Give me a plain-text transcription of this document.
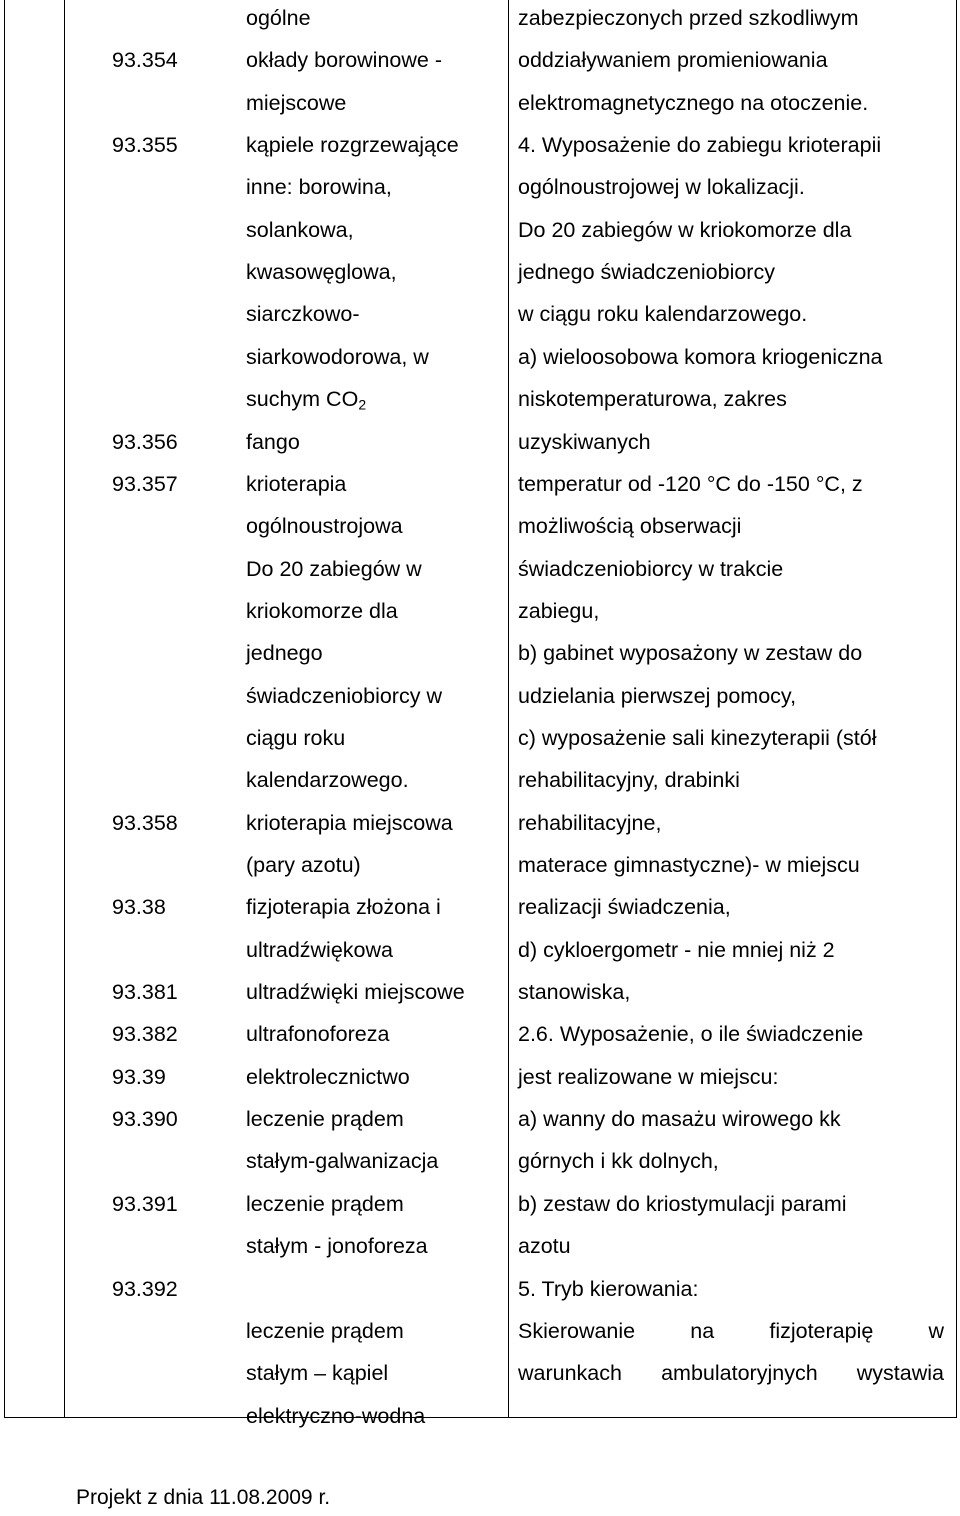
93.354
93.355
93.356
93.357
93.358
93.38
93.381
93.382
93.39
93.390
93.391
93.392
ogólne
okłady borowinowe -
miejscowe
kąpiele rozgrzewające
inne: borowina,
solankowa,
kwasowęglowa,
siarczkowo-
siarkowodorowa, w
suchym $CO_2$
fango
krioterapia
ogólnoustrojowa
Do 20 zabiegów w
kriokomorze dla
jednego
świadczeniobiorcy w
ciągu roku
kalendarzowego.
krioterapia miejscowa
(pary azotu)
fizjoterapia złożona i
ultradźwiękowa
ultradźwięki miejscowe
ultrafonoforeza
elektrolecznictwo
leczenie prądem
stałym-galwanizacja
leczenie prądem
stałym - jonoforeza
leczenie prądem
stałym – kąpiel
elektryczno-wodna
zabezpieczonych przed szkodliwym
oddziaływaniem promieniowania
elektromagnetycznego na otoczenie.
4. Wyposażenie do zabiegu krioterapii
ogólnoustrojowej w lokalizacji.
Do 20 zabiegów w kriokomorze dla
jednego świadczeniobiorcy
w ciągu roku kalendarzowego.
a) wieloosobowa komora kriogeniczna
niskotemperaturowa, zakres
uzyskiwanych
temperatur od -120 °C do -150 °C, z
możliwością obserwacji
świadczeniobiorcy w trakcie
zabiegu,
b) gabinet wyposażony w zestaw do
udzielania pierwszej pomocy,
c) wyposażenie sali kinezyterapii (stół
rehabilitacyjny, drabinki
rehabilitacyjne,
materace gimnastyczne)- w miejscu
realizacji świadczenia,
d) cykloergometr - nie mniej niż 2
stanowiska,
2.6. Wyposażenie, o ile świadczenie
jest realizowane w miejscu:
a) wanny do masażu wirowego kk
górnych i kk dolnych,
b) zestaw do kriostymulacji parami
azotu
5. Tryb kierowania:
Skierowanie na fizjoterapię w
warunkach ambulatoryjnych wystawia
Projekt z dnia 11.08.2009 r.
